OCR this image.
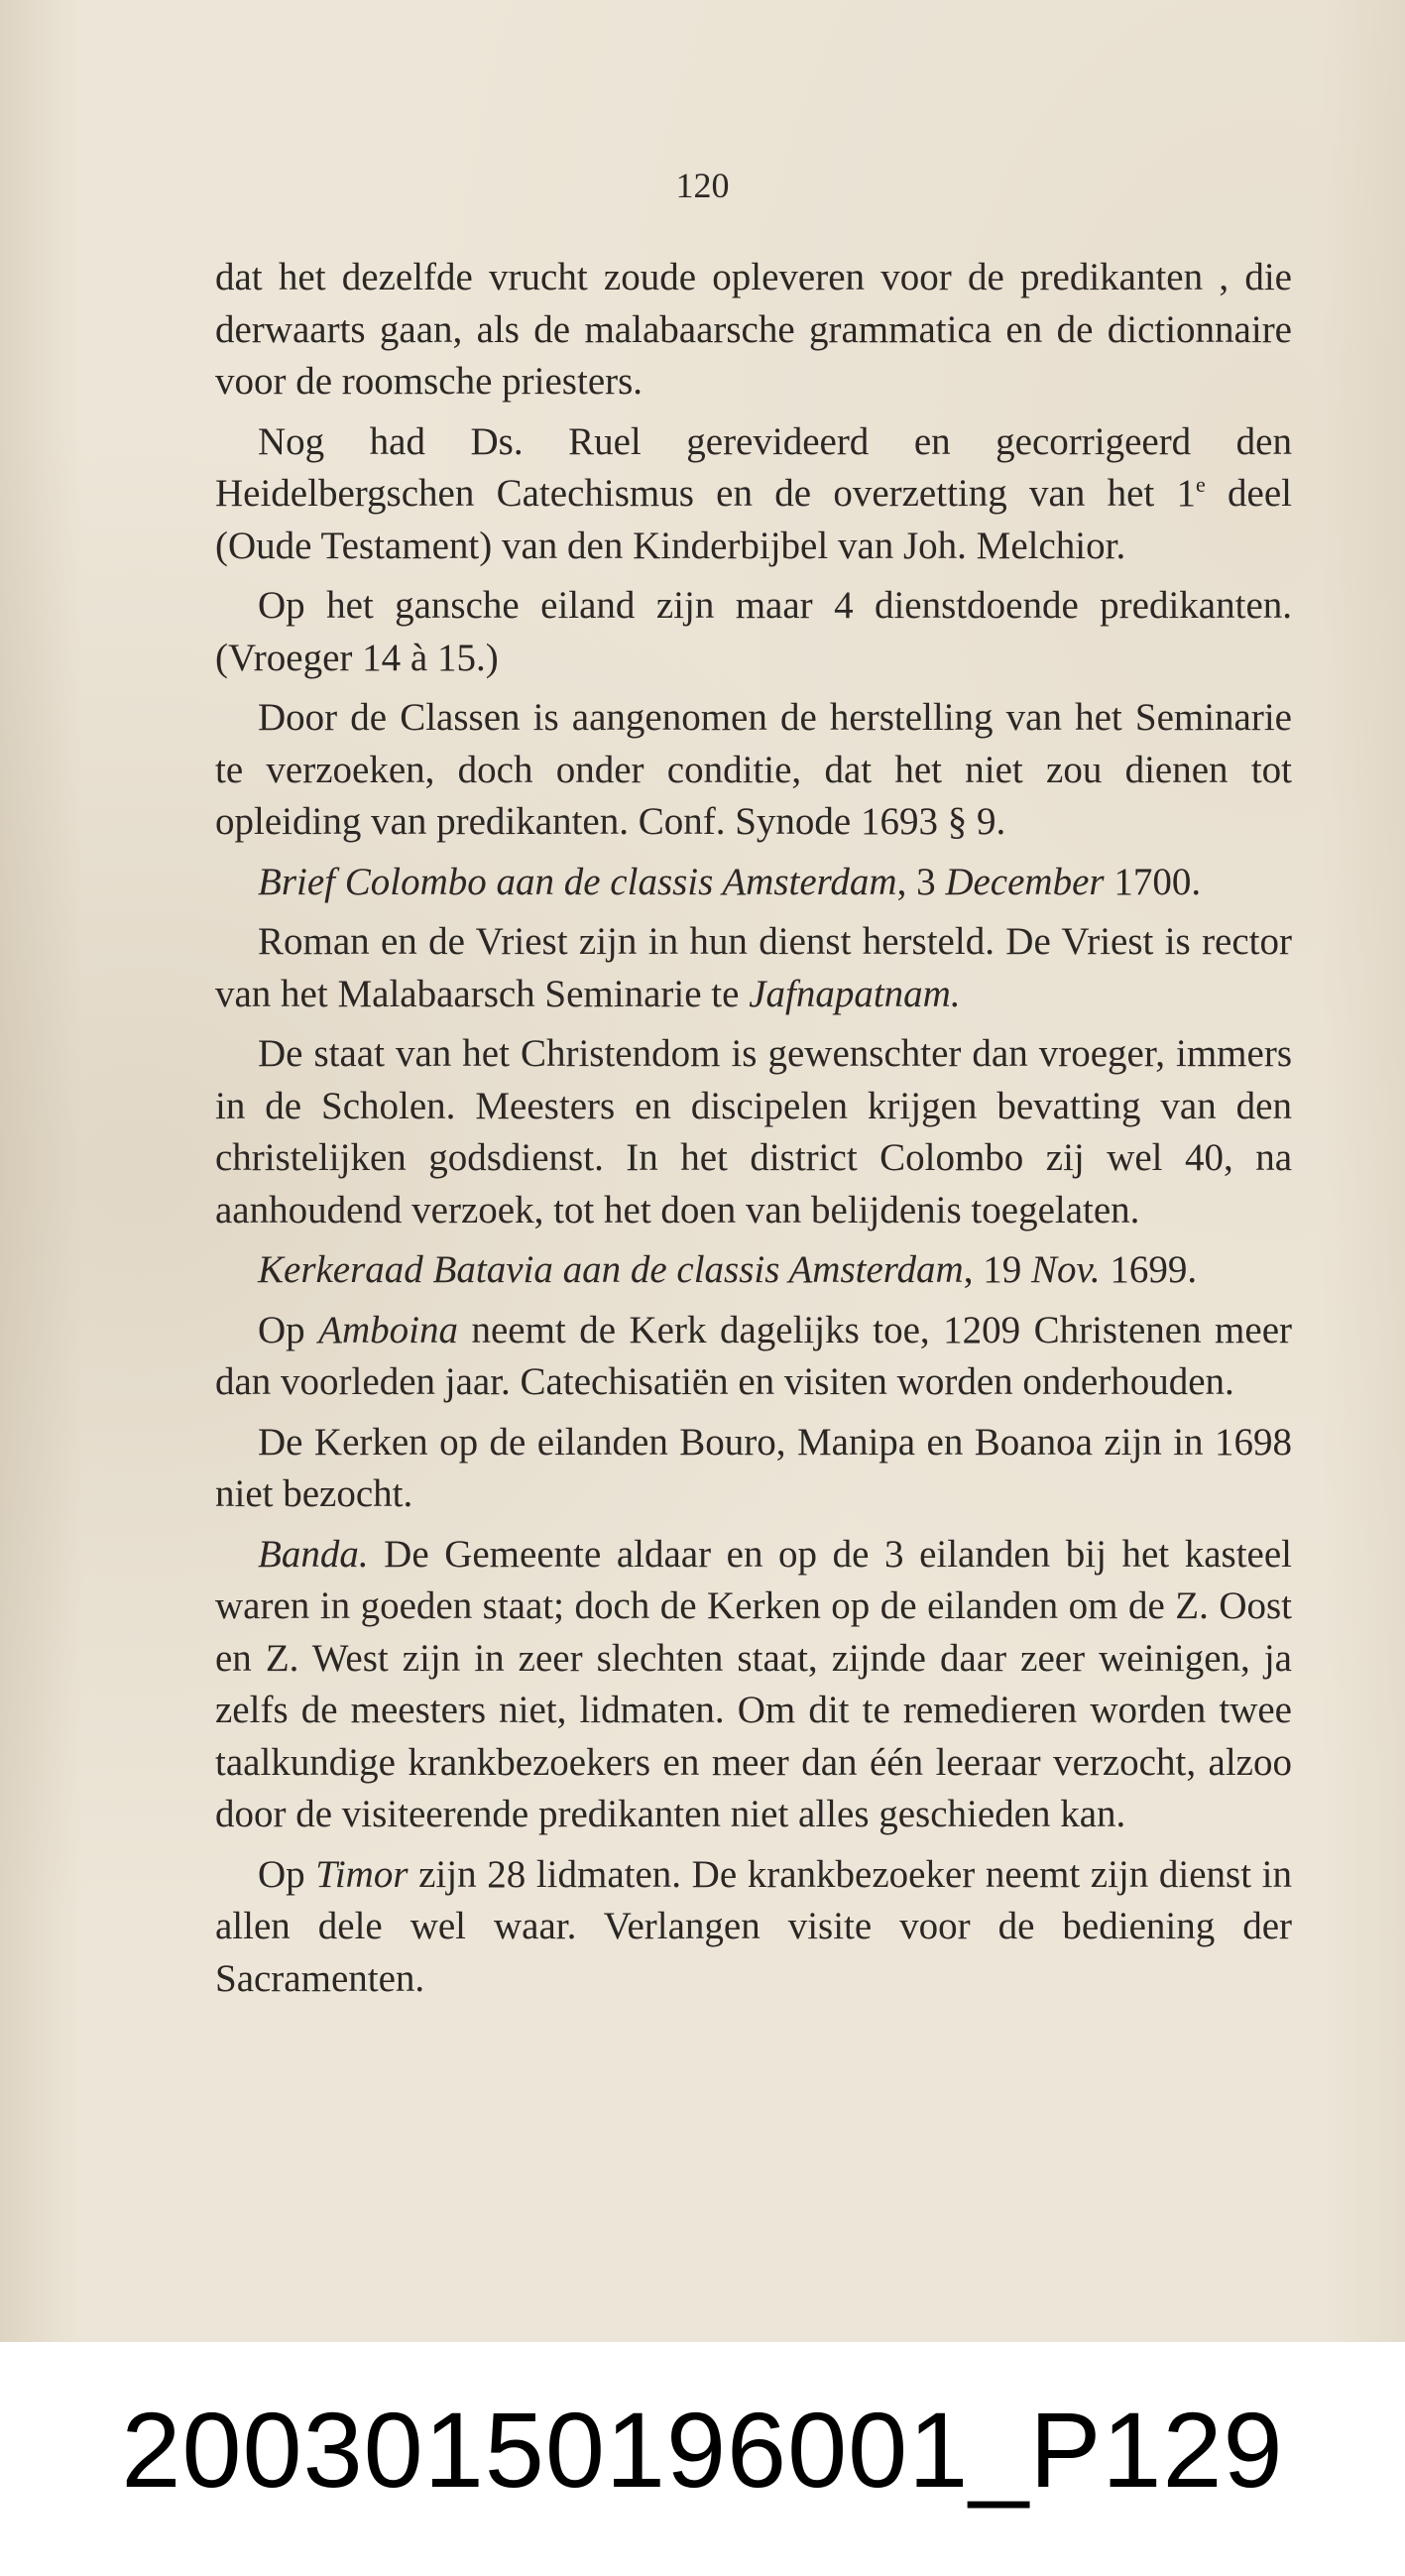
120

dat het dezelfde vrucht zoude opleveren voor de predikanten , die derwaarts gaan, als de malabaarsche grammatica en de dictionnaire voor de roomsche priesters.

Nog had Ds. Ruel gerevideerd en gecorrigeerd den Heidelbergschen Catechismus en de overzetting van het 1e deel (Oude Testament) van den Kinderbijbel van Joh. Melchior.

Op het gansche eiland zijn maar 4 dienstdoende predikanten. (Vroeger 14 à 15.)

Door de Classen is aangenomen de herstelling van het Seminarie te verzoeken, doch onder conditie, dat het niet zou dienen tot opleiding van predikanten. Conf. Synode 1693 § 9.

Brief Colombo aan de classis Amsterdam, 3 December 1700.

Roman en de Vriest zijn in hun dienst hersteld. De Vriest is rector van het Malabaarsch Seminarie te Jafnapatnam.

De staat van het Christendom is gewenschter dan vroeger, immers in de Scholen. Meesters en discipelen krijgen bevatting van den christelijken godsdienst. In het district Colombo zij wel 40, na aanhoudend verzoek, tot het doen van belijdenis toegelaten.

Kerkeraad Batavia aan de classis Amsterdam, 19 Nov. 1699.

Op Amboina neemt de Kerk dagelijks toe, 1209 Christenen meer dan voorleden jaar. Catechisatiën en visiten worden onderhouden.

De Kerken op de eilanden Bouro, Manipa en Boanoa zijn in 1698 niet bezocht.

Banda. De Gemeente aldaar en op de 3 eilanden bij het kasteel waren in goeden staat; doch de Kerken op de eilanden om de Z. Oost en Z. West zijn in zeer slechten staat, zijnde daar zeer weinigen, ja zelfs de meesters niet, lidmaten. Om dit te remedieren worden twee taalkundige krankbezoekers en meer dan één leeraar verzocht, alzoo door de visiteerende predikanten niet alles geschieden kan.

Op Timor zijn 28 lidmaten. De krankbezoeker neemt zijn dienst in allen dele wel waar. Verlangen visite voor de bediening der Sacramenten.

20030150196001_P129
